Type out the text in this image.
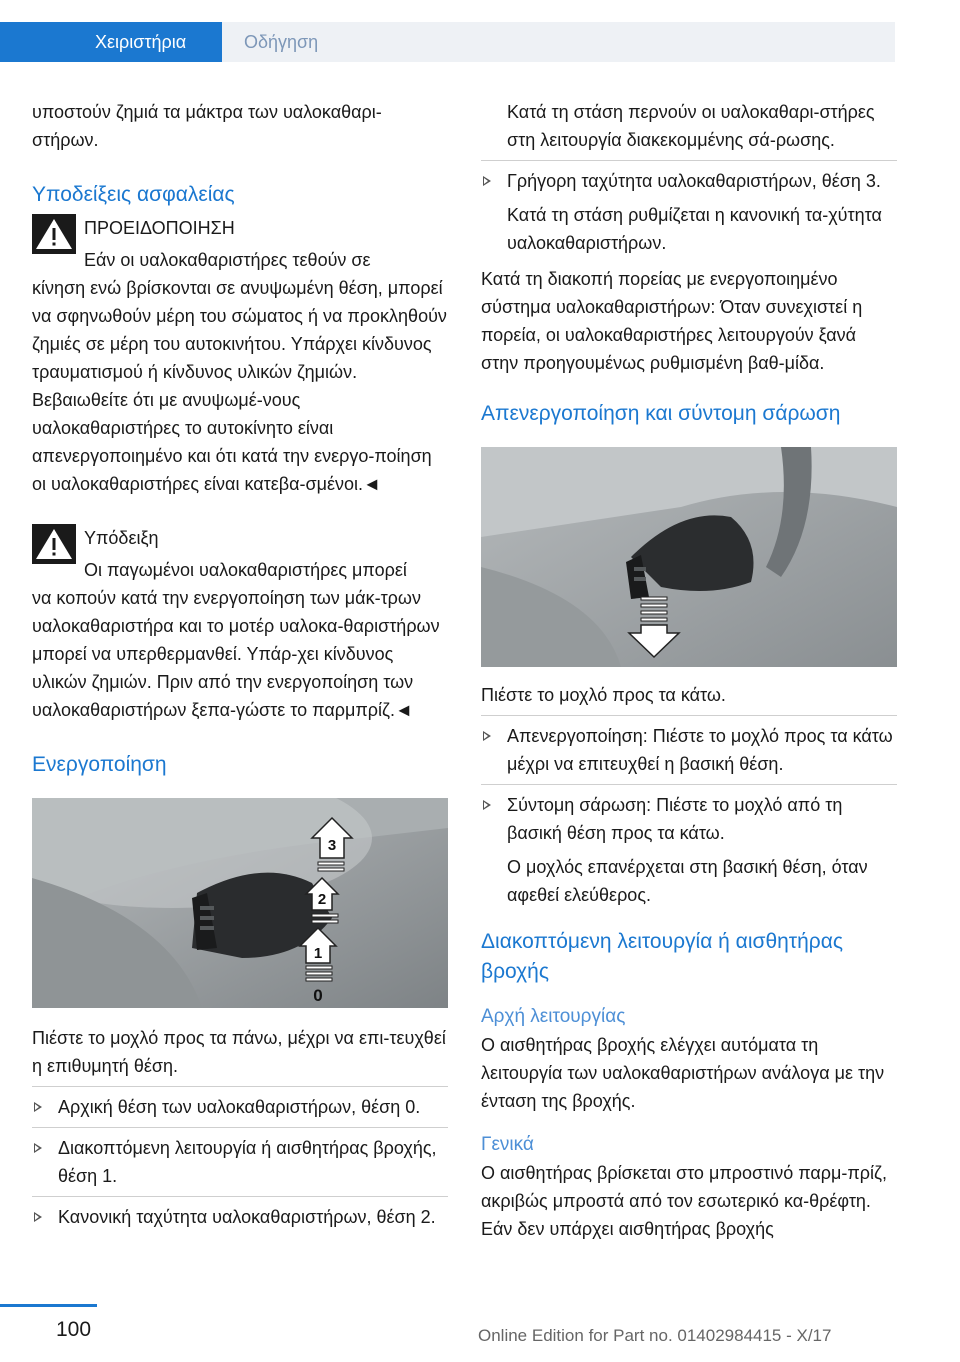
Χειριστήρια	Οδήγηση

υποστούν ζημιά τα μάκτρα των υαλοκαθαρι-στήρων.

Υποδείξεις ασφαλείας

ΠΡΟΕΙΔΟΠΟΙΗΣΗ

Εάν οι υαλοκαθαριστήρες τεθούν σε

κίνηση ενώ βρίσκονται σε ανυψωμένη θέση, μπορεί να σφηνωθούν μέρη του σώματος ή να προκληθούν ζημιές σε μέρη του αυτοκινήτου. Υπάρχει κίνδυνος τραυματισμού ή κίνδυνος υλικών ζημιών. Βεβαιωθείτε ότι με ανυψωμέ-νους υαλοκαθαριστήρες το αυτοκίνητο είναι απενεργοποιημένο και ότι κατά την ενεργο-ποίηση οι υαλοκαθαριστήρες είναι κατεβα-σμένοι.◄

Υπόδειξη

Οι παγωμένοι υαλοκαθαριστήρες μπορεί

να κοπούν κατά την ενεργοποίηση των μάκ-τρων υαλοκαθαριστήρα και το μοτέρ υαλοκα-θαριστήρων μπορεί να υπερθερμανθεί. Υπάρ-χει κίνδυνος υλικών ζημιών. Πριν από την ενεργοποίηση των υαλοκαθαριστήρων ξεπα-γώστε το παρμπρίζ.◄

Ενεργοποίηση

3
2
1
0

Πιέστε το μοχλό προς τα πάνω, μέχρι να επι-τευχθεί η επιθυμητή θέση.

Αρχική θέση των υαλοκαθαριστήρων, θέση 0.

Διακοπτόμενη λειτουργία ή αισθητήρας βροχής, θέση 1.

Κανονική ταχύτητα υαλοκαθαριστήρων, θέση 2.

Κατά τη στάση περνούν οι υαλοκαθαρι-στήρες στη λειτουργία διακεκομμένης σά-ρωσης.

Γρήγορη ταχύτητα υαλοκαθαριστήρων, θέση 3.

Κατά τη στάση ρυθμίζεται η κανονική τα-χύτητα υαλοκαθαριστήρων.

Κατά τη διακοπή πορείας με ενεργοποιημένο σύστημα υαλοκαθαριστήρων: Όταν συνεχιστεί η πορεία, οι υαλοκαθαριστήρες λειτουργούν ξανά στην προηγουμένως ρυθμισμένη βαθ-μίδα.

Απενεργοποίηση και σύντομη σάρωση

Πιέστε το μοχλό προς τα κάτω.

Απενεργοποίηση: Πιέστε το μοχλό προς τα κάτω μέχρι να επιτευχθεί η βασική θέση.

Σύντομη σάρωση: Πιέστε το μοχλό από τη βασική θέση προς τα κάτω.

Ο μοχλός επανέρχεται στη βασική θέση, όταν αφεθεί ελεύθερος.

Διακοπτόμενη λειτουργία ή αισθητήρας βροχής

Αρχή λειτουργίας

Ο αισθητήρας βροχής ελέγχει αυτόματα τη λειτουργία των υαλοκαθαριστήρων ανάλογα με την ένταση της βροχής.

Γενικά

Ο αισθητήρας βρίσκεται στο μπροστινό παρμ-πρίζ, ακριβώς μπροστά από τον εσωτερικό κα-θρέφτη. Εάν δεν υπάρχει αισθητήρας βροχής

100	Online Edition for Part no. 01402984415 - X/17
